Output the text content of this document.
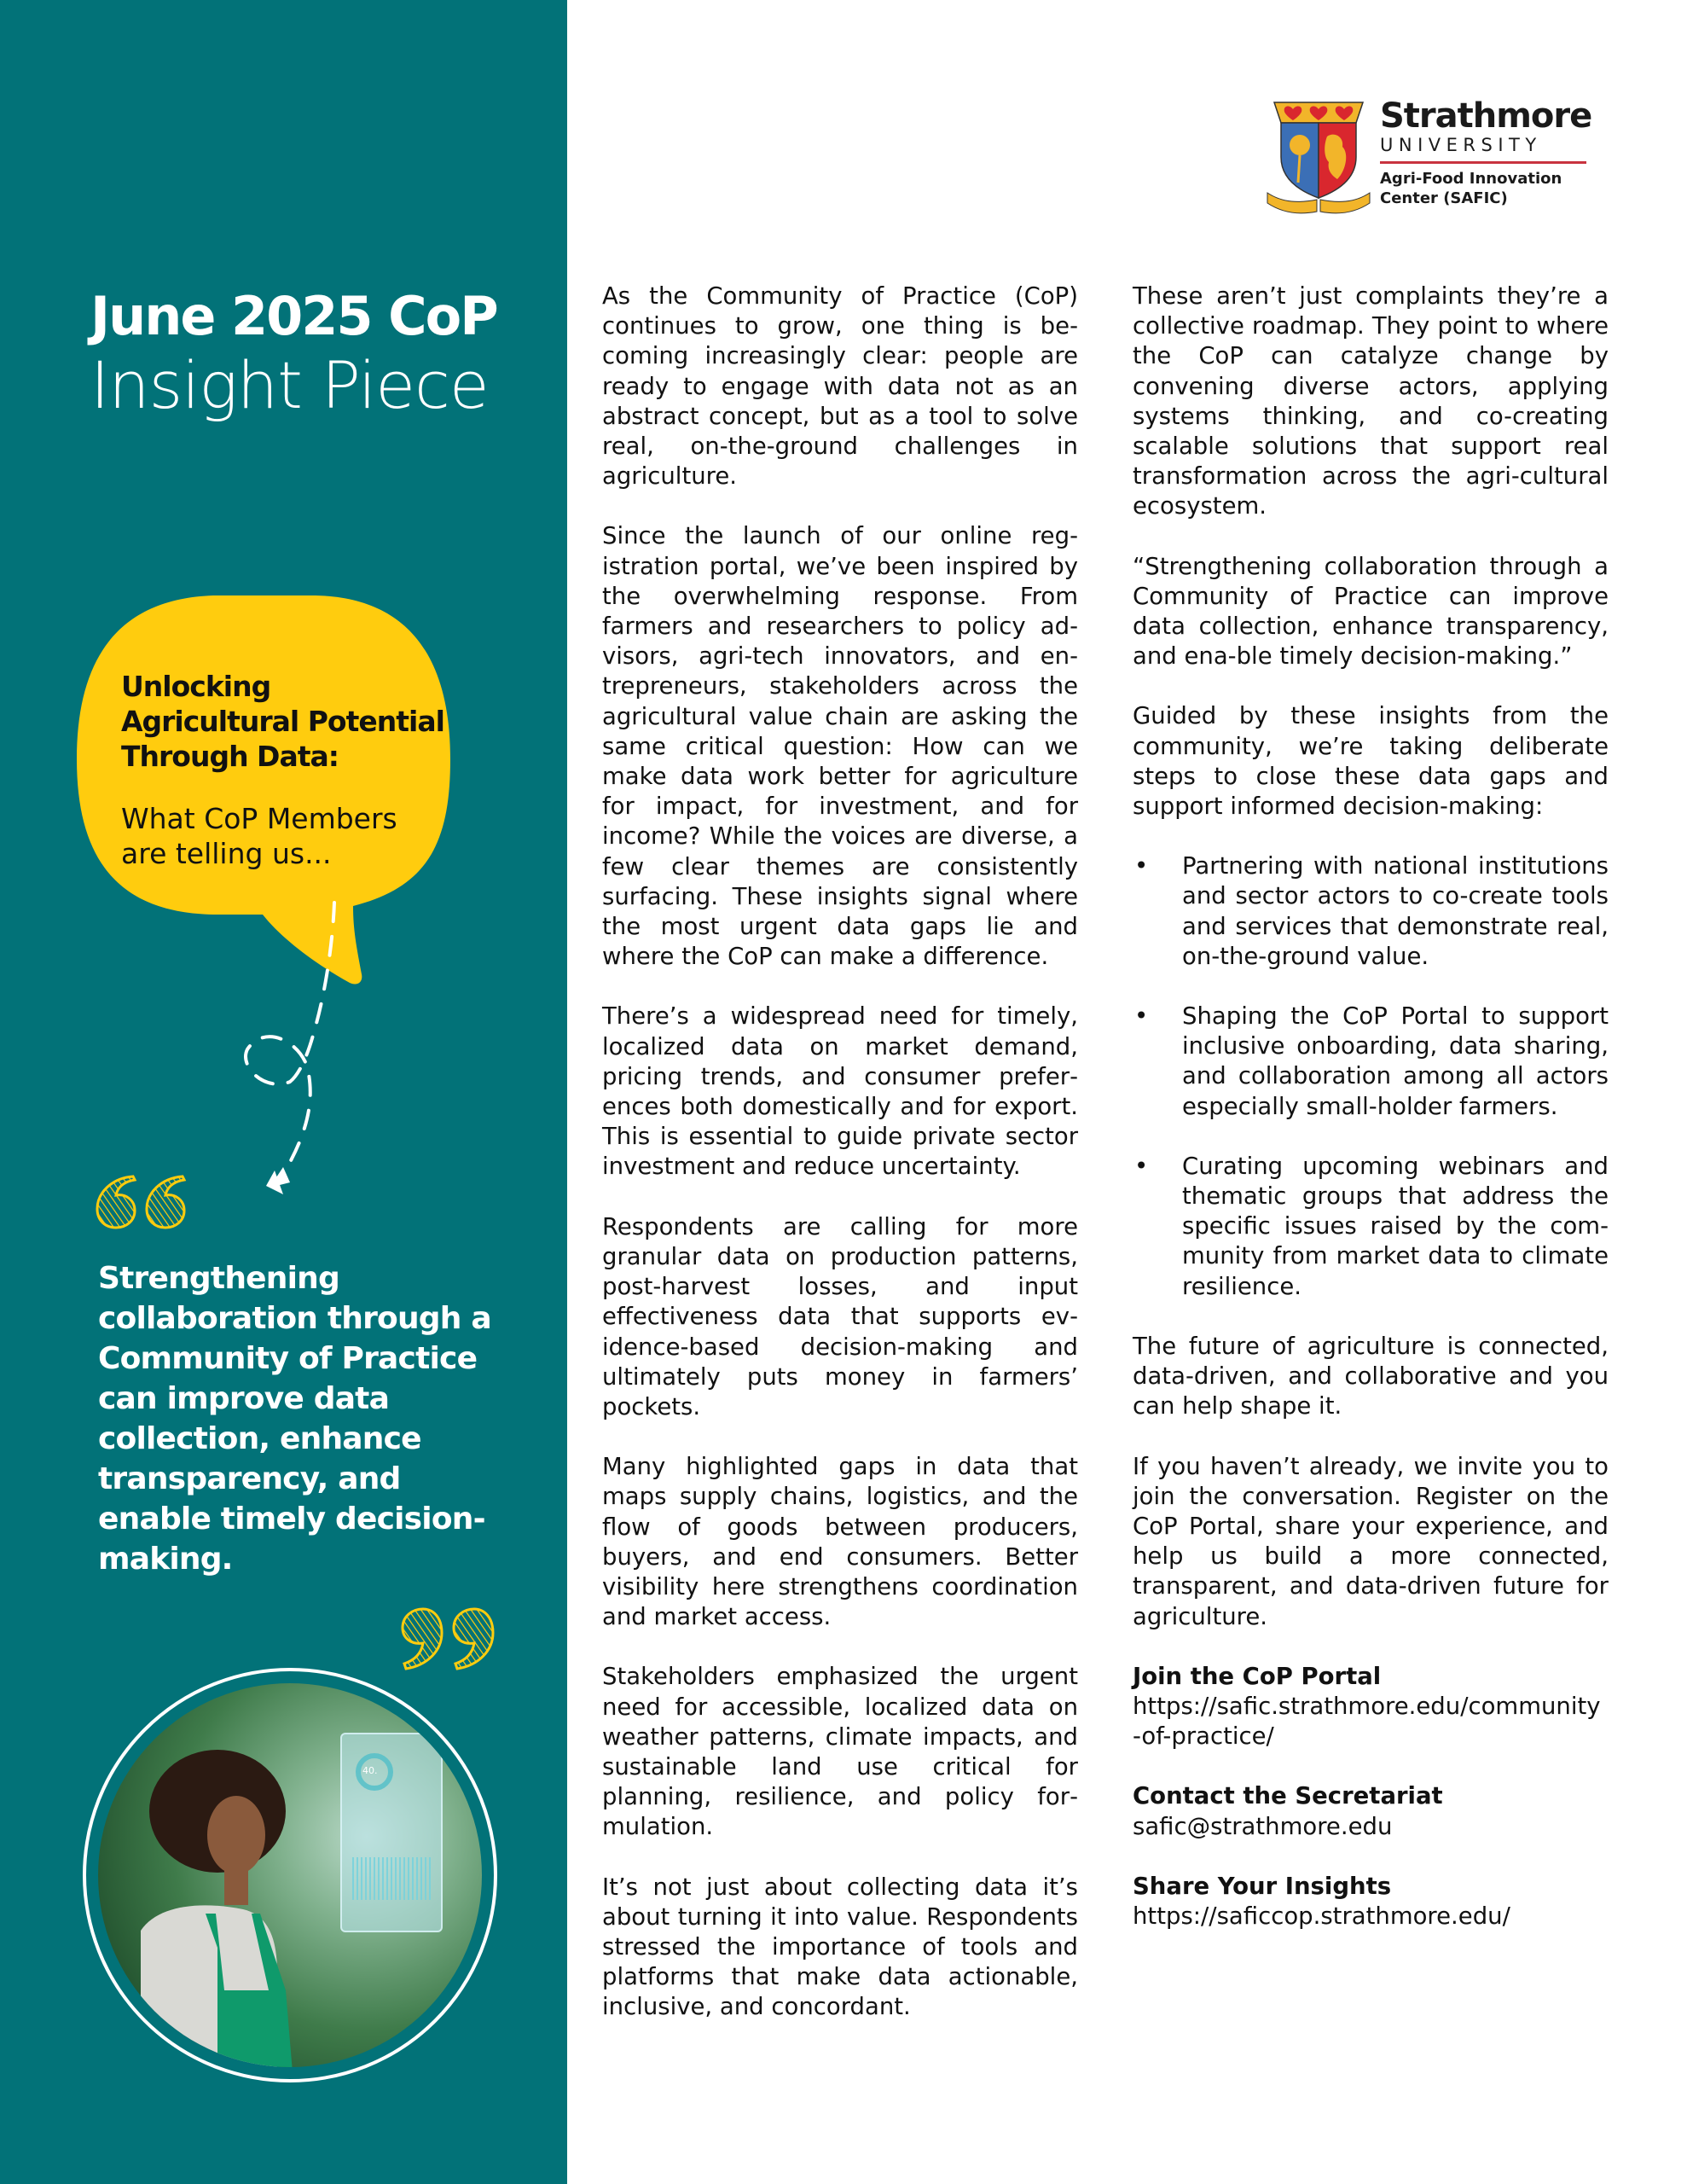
June 2025 CoP
Insight Piece
Unlocking
Agricultural Potential
Through Data:
What CoP Members
are telling us...
Strengthening
collaboration through a
Community of Practice
can improve data
collection, enhance
transparency, and
enable timely decision-
making.
40.
Strathmore
UNIVERSITY
Agri-Food Innovation
Center (SAFIC)

As the Community of Practice (CoP) continues to grow, one thing is becoming increasingly clear: people are ready to engage with data not as an abstract concept, but as a tool to solve real, on-the-ground challenges in agriculture.

Since the launch of our online registration portal, we’ve been inspired by the overwhelming response. From farmers and researchers to policy advisors, agri-tech innovators, and entrepreneurs, stakeholders across the agricultural value chain are asking the same critical question: How can we make data work better for agriculture for impact, for investment, and for income? While the voices are diverse, a few clear themes are consistently surfacing. These insights signal where the most urgent data gaps lie and where the CoP can make a difference.

There’s a widespread need for timely, localized data on market demand, pricing trends, and consumer preferences both domestically and for export. This is essential to guide private sector investment and reduce uncertainty.

Respondents are calling for more granular data on production patterns, post-harvest losses, and input effectiveness data that supports evidence-based decision-making and ultimately puts money in farmers’ pockets.

Many highlighted gaps in data that maps supply chains, logistics, and the flow of goods between producers, buyers, and end consumers. Better visibility here strengthens coordination and market access.

Stakeholders emphasized the urgent need for accessible, localized data on weather patterns, climate impacts, and sustainable land use critical for planning, resilience, and policy formulation.

It’s not just about collecting data it’s about turning it into value. Respondents stressed the importance of tools and platforms that make data actionable, inclusive, and concordant.

These aren’t just complaints they’re a collective roadmap. They point to where the CoP can catalyze change by convening diverse actors, applying systems thinking, and co-creating scalable solutions that support real transformation across the agri-cultural ecosystem.

“Strengthening collaboration through a Community of Practice can improve data collection, enhance transparency, and ena-ble timely decision-making.”

Guided by these insights from the community, we’re taking deliberate steps to close these data gaps and support informed decision-making:

• Partnering with national institutions and sector actors to co-create tools and services that demonstrate real, on-the-ground value.
• Shaping the CoP Portal to support inclusive onboarding, data sharing, and collaboration among all actors especially small-holder farmers.
• Curating upcoming webinars and thematic groups that address the specific issues raised by the community from market data to climate resilience.

The future of agriculture is connected, data-driven, and collaborative and you can help shape it.

If you haven’t already, we invite you to join the conversation. Register on the CoP Portal, share your experience, and help us build a more connected, transparent, and data-driven future for agriculture.

Join the CoP Portal
https://safic.strathmore.edu/community-of-practice/
Contact the Secretariat
safic@strathmore.edu
Share Your Insights
https://saficcop.strathmore.edu/
